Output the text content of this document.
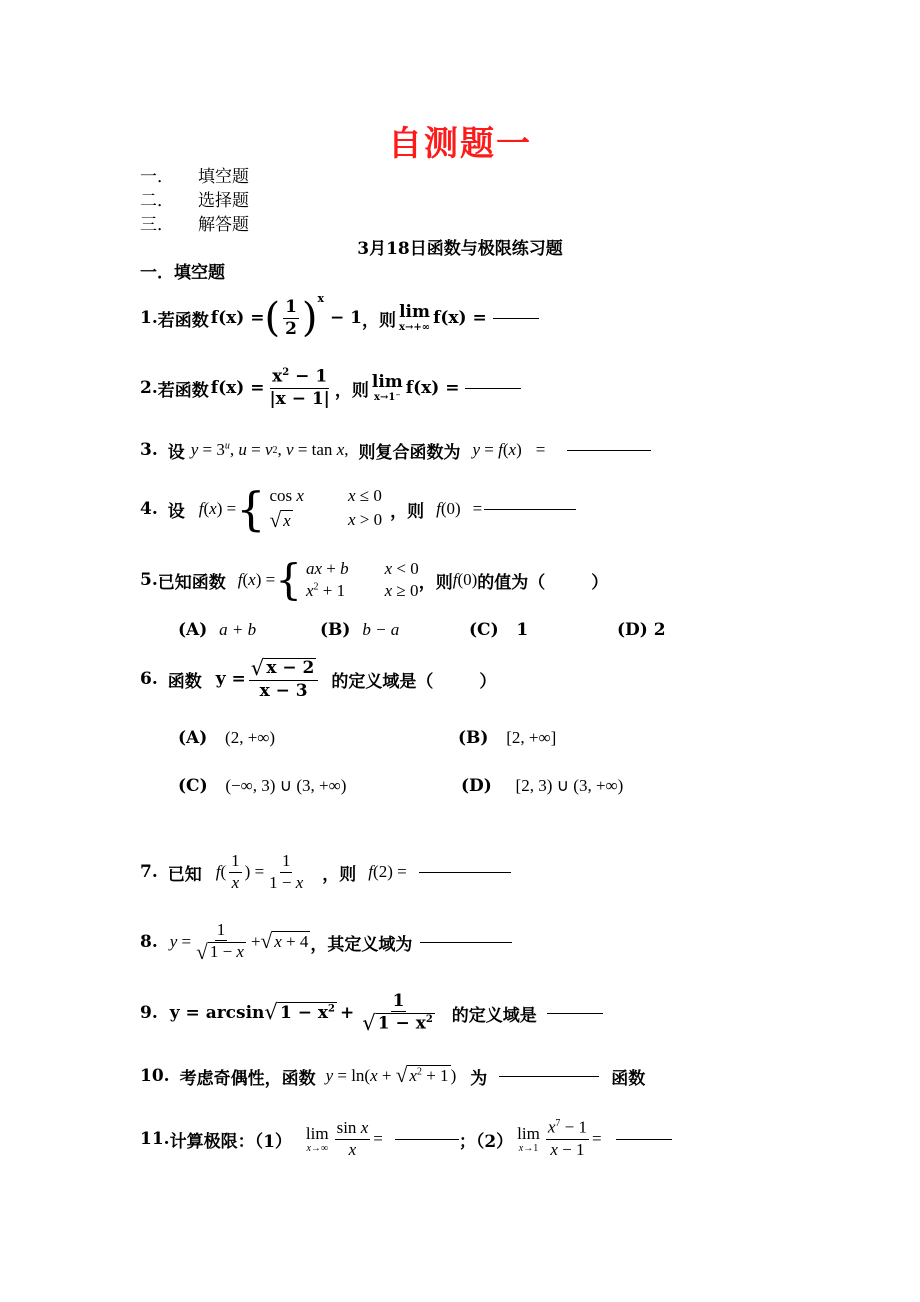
自测题一
一． 填空题
二． 选择题
三． 解答题
3月18日函数与极限练习题
一．填空题
1. 若函数 f(x) = ( $\frac{1}{2} )^x$
− 1 ，则 lim
x→+∞ f(x) =
2. 若函数 $f(x) = \frac{x^2 - 1}{|x - 1|}$ ，则 lim
x→1⁻ f(x) =
3. 设 $y = 3^u$, u = v 2 , v = tan x , 则复合函数为 y = f ( x ) =
4. 设 f ( x ) = { cos x	x ≤ 0
√ x	x > 0 ，则 f (0) =
5. 已知函数 f ( x ) = { ax + b x < 0
$x^2 + 1$ x ≥ 0 ，则 f (0) 的值为（	）
(A) a + b	(B) b − a	(C) 1	(D) 2
6. 函数 $y = \frac{√ x - 2}{x - 3}$ 的定义域是（	）
(A) (2, +∞)	(B) [2, +∞]
(C) (−∞, 3) ∪ (3, +∞)	(D) [2, 3) ∪ (3, +∞)
7. 已知 f ( $\frac{1}{x}$ ) = $\frac{1}{1 - x}$ ，则 f (2) =
8. $y = \frac{1}{√ 1 - x}$ + √ x + 4 ，其定义域为
9. y = arcsin √ $1 - x^2 + \frac{1}{√ 1 - x^2}$ 的定义域是
10. 考虑奇偶性，函数 y = ln( x + √ $x^2 + 1$ ) 为	函数
11. 计算极限：（1） lim
$x\to\infty \frac{\text{sin x}}{x}$ =	；（2） lim
$x\to 1 \frac{x^7 - 1}{x - 1}$ =
